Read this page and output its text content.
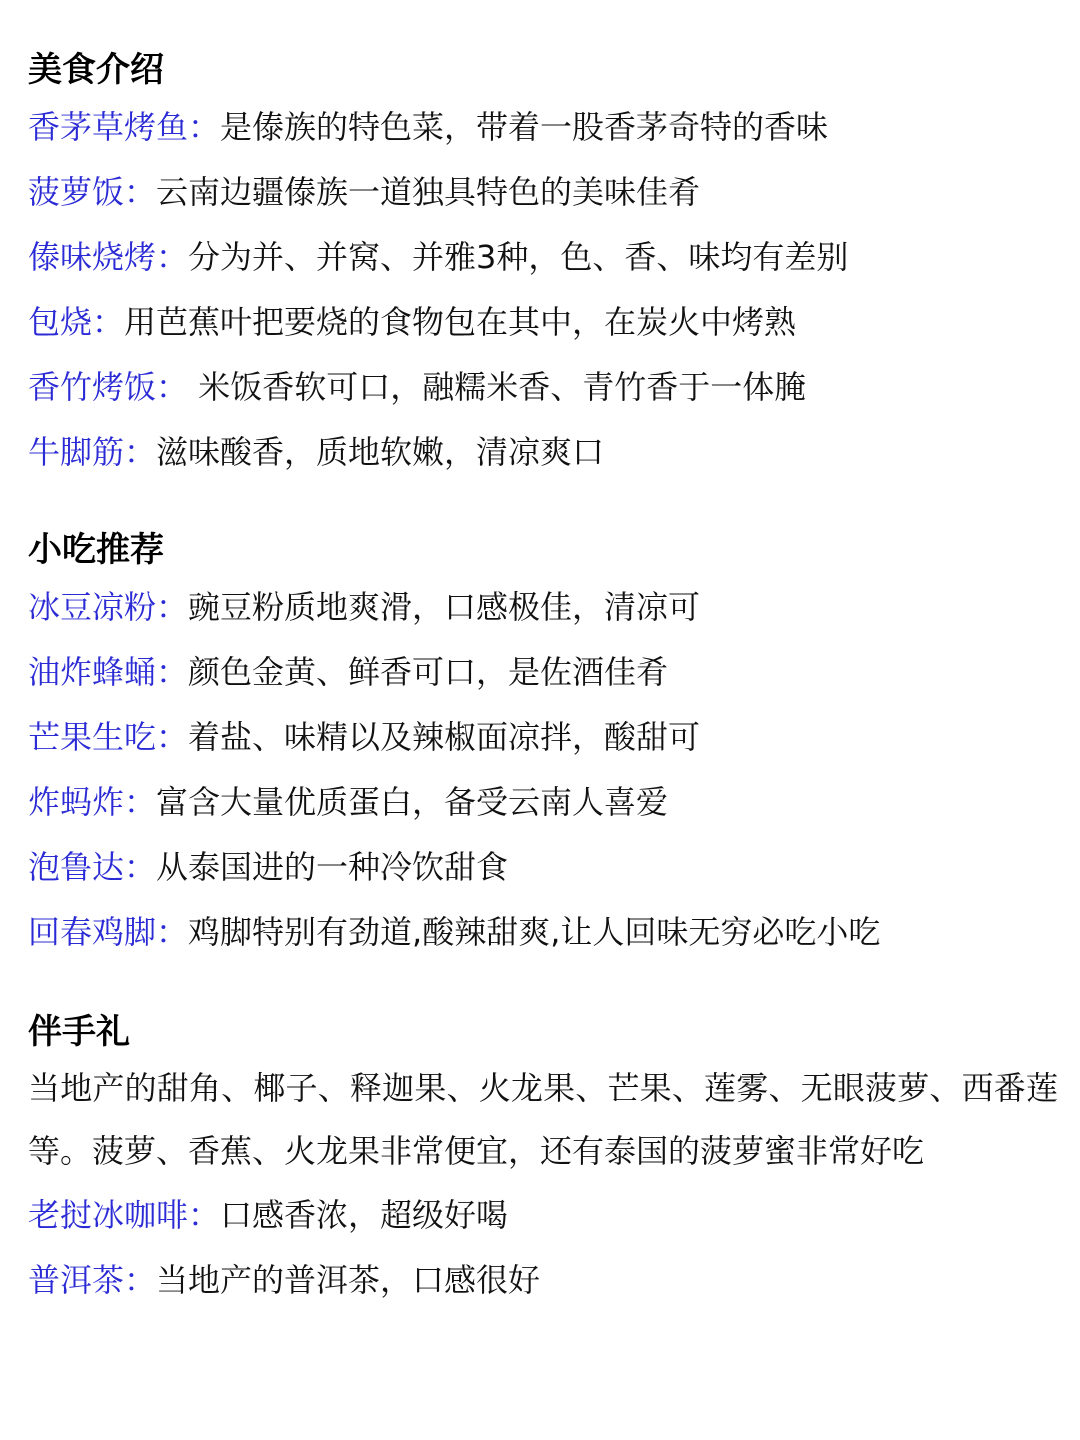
美食介绍
香茅草烤鱼：是傣族的特色菜，带着一股香茅奇特的香味
菠萝饭：云南边疆傣族一道独具特色的美味佳肴
傣味烧烤：分为并、并窝、并雅3种，色、香、味均有差别
包烧：用芭蕉叶把要烧的食物包在其中，在炭火中烤熟
香竹烤饭： 米饭香软可口，融糯米香、青竹香于一体腌
牛脚筋：滋味酸香，质地软嫩，清凉爽口
小吃推荐
冰豆凉粉：豌豆粉质地爽滑，口感极佳，清凉可
油炸蜂蛹：颜色金黄、鲜香可口，是佐酒佳肴
芒果生吃：着盐、味精以及辣椒面凉拌，酸甜可
炸蚂炸：富含大量优质蛋白，备受云南人喜爱
泡鲁达：从泰国进的一种冷饮甜食
回春鸡脚：鸡脚特别有劲道,酸辣甜爽,让人回味无穷必吃小吃
伴手礼
当地产的甜角、椰子、释迦果、火龙果、芒果、莲雾、无眼菠萝、西番莲等。菠萝、香蕉、火龙果非常便宜，还有泰国的菠萝蜜非常好吃
老挝冰咖啡：口感香浓，超级好喝
普洱茶：当地产的普洱茶，口感很好
